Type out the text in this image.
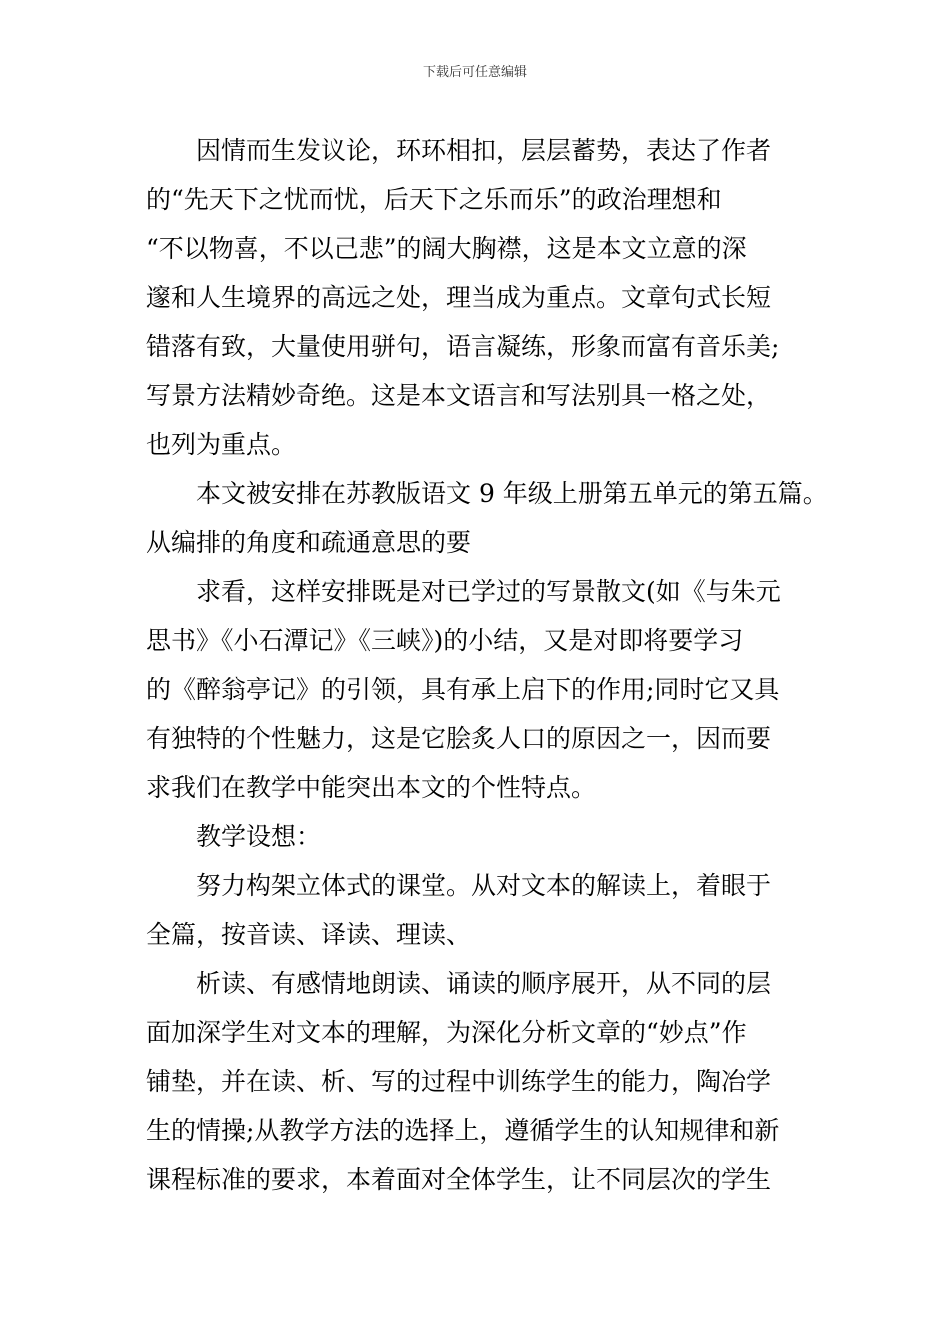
下载后可任意编辑
因情而生发议论，环环相扣，层层蓄势，表达了作者
的“先天下之忧而忧，后天下之乐而乐”的政治理想和
“不以物喜，不以己悲”的阔大胸襟，这是本文立意的深
邃和人生境界的高远之处，理当成为重点。文章句式长短
错落有致，大量使用骈句，语言凝练，形象而富有音乐美;
写景方法精妙奇绝。这是本文语言和写法别具一格之处，
也列为重点。
本文被安排在苏教版语文 9 年级上册第五单元的第五篇。
从编排的角度和疏通意思的要
求看，这样安排既是对已学过的写景散文(如《与朱元
思书》《小石潭记》《三峡》)的小结，又是对即将要学习
的《醉翁亭记》的引领，具有承上启下的作用;同时它又具
有独特的个性魅力，这是它脍炙人口的原因之一，因而要
求我们在教学中能突出本文的个性特点。
教学设想：
努力构架立体式的课堂。从对文本的解读上，着眼于
全篇，按音读、译读、理读、
析读、有感情地朗读、诵读的顺序展开，从不同的层
面加深学生对文本的理解，为深化分析文章的“妙点”作
铺垫，并在读、析、写的过程中训练学生的能力，陶冶学
生的情操;从教学方法的选择上，遵循学生的认知规律和新
课程标准的要求，本着面对全体学生，让不同层次的学生
